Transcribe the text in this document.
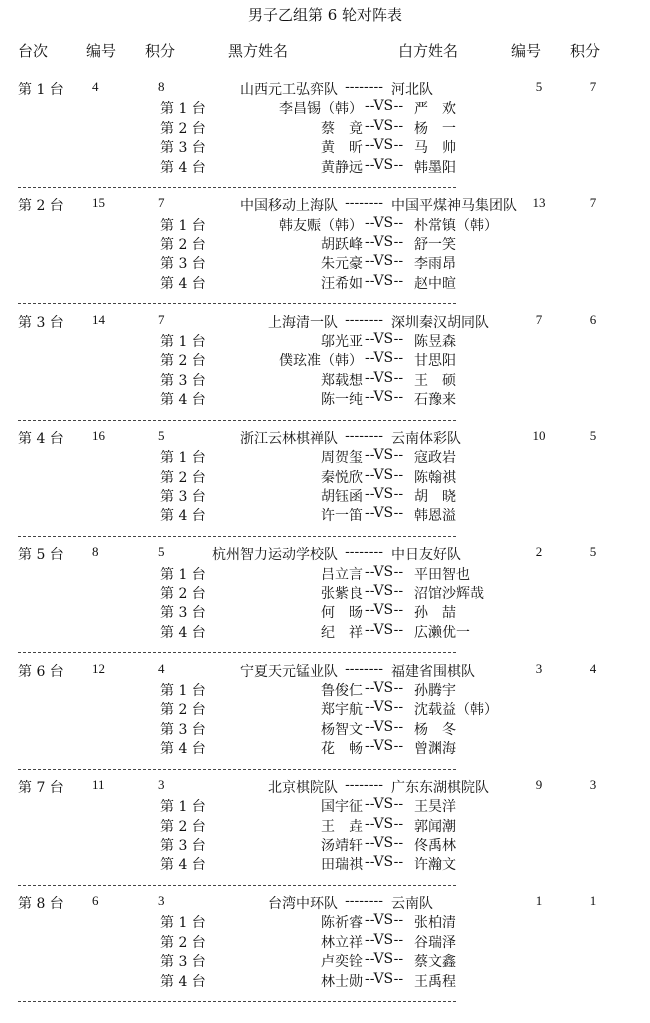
男子乙组第 6 轮对阵表
台次	编号 积分	黑方姓名	白方姓名	编号 积分
第 1 台 4	8	山西元工弘弈队 -------- 河北队	5	7
第 1 台	李昌锡（韩） --VS-- 严　欢
第 2 台	蔡　竟 --VS-- 杨　一
第 3 台	黄　昕 --VS-- 马　帅
第 4 台	黄静远 --VS-- 韩墨阳
第 2 台 15	7	中国移动上海队 -------- 中国平煤神马集团队	13	7
第 1 台	韩友赈（韩） --VS-- 朴常镇（韩）
第 2 台	胡跃峰 --VS-- 舒一笑
第 3 台	朱元豪 --VS-- 李雨昂
第 4 台	汪希如 --VS-- 赵中暄
第 3 台 14	7	上海清一队 -------- 深圳秦汉胡同队	7	6
第 1 台	邬光亚 --VS-- 陈昱森
第 2 台	僕玹准（韩） --VS-- 甘思阳
第 3 台	郑载想 --VS-- 王　硕
第 4 台	陈一纯 --VS-- 石豫来
第 4 台 16	5	浙江云林棋禅队 -------- 云南体彩队	10	5
第 1 台	周贺玺 --VS-- 寇政岩
第 2 台	秦悦欣 --VS-- 陈翰祺
第 3 台	胡钰函 --VS-- 胡　晓
第 4 台	许一笛 --VS-- 韩恩溢
第 5 台 8	5	杭州智力运动学校队 -------- 中日友好队	2	5
第 1 台	吕立言 --VS-- 平田智也
第 2 台	张紫良 --VS-- 沼馆沙辉哉
第 3 台	何　旸 --VS-- 孙　喆
第 4 台	纪　祥 --VS-- 広濑优一
第 6 台 12	4	宁夏天元锰业队 -------- 福建省围棋队	3	4
第 1 台	鲁俊仁 --VS-- 孙腾宇
第 2 台	郑宇航 --VS-- 沈载益（韩）
第 3 台	杨智文 --VS-- 杨　冬
第 4 台	花　畅 --VS-- 曾渊海
第 7 台 11	3	北京棋院队 -------- 广东东湖棋院队	9	3
第 1 台	国宇征 --VS-- 王昊洋
第 2 台	王　垚 --VS-- 郭闻潮
第 3 台	汤靖轩 --VS-- 佟禹林
第 4 台	田瑞祺 --VS-- 许瀚文
第 8 台 6	3	台湾中环队 -------- 云南队	1	1
第 1 台	陈祈睿 --VS-- 张柏清
第 2 台	林立祥 --VS-- 谷瑞泽
第 3 台	卢奕铨 --VS-- 蔡文鑫
第 4 台	林士勋 --VS-- 王禹程
